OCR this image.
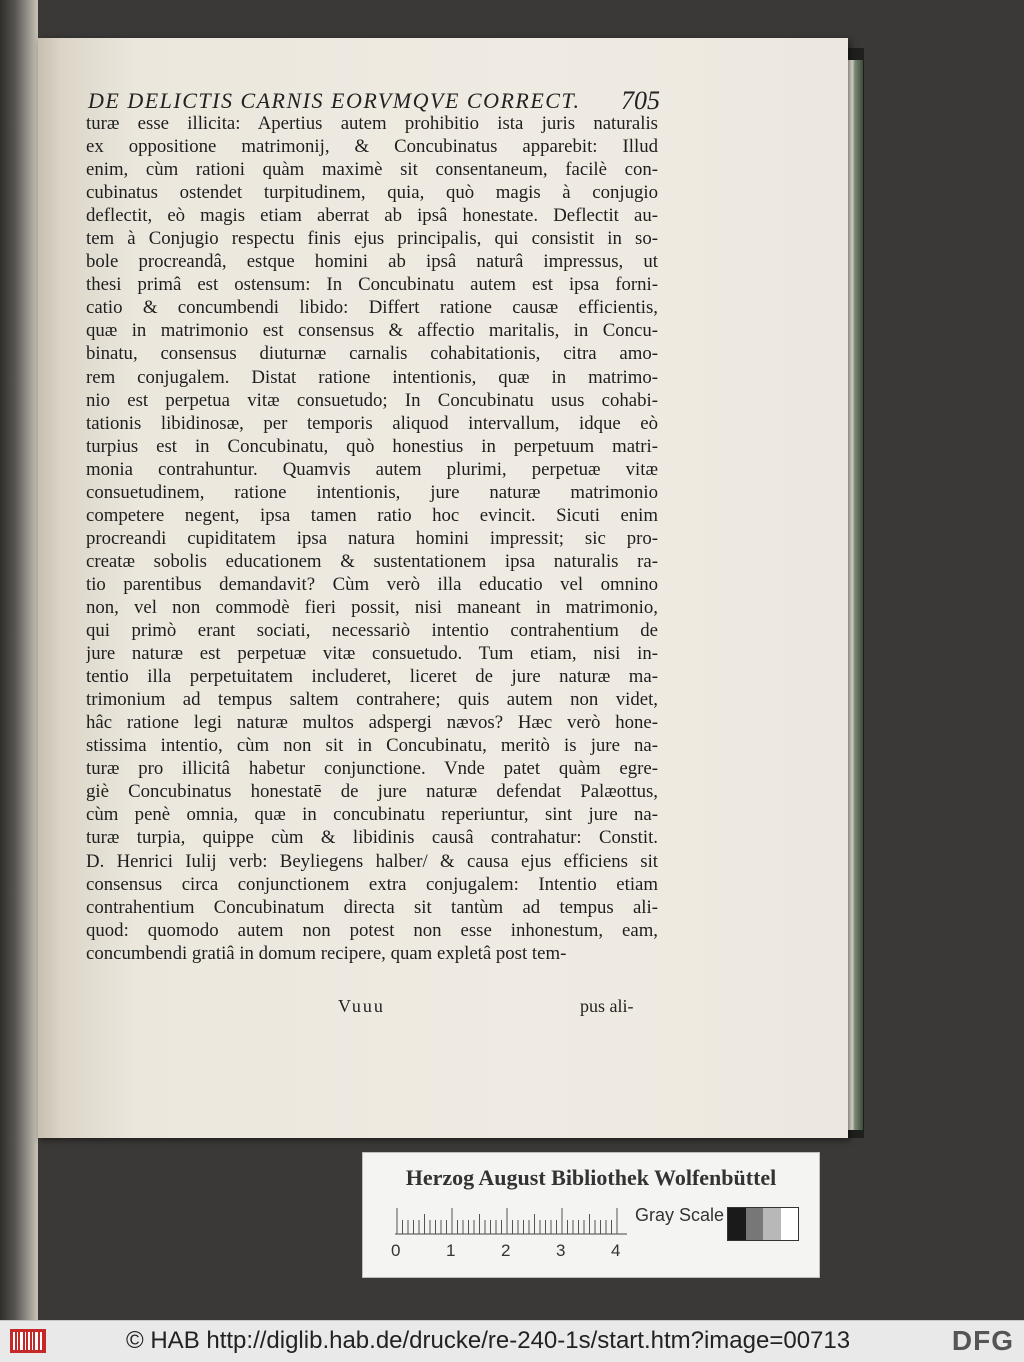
DE DELICTIS CARNIS EORVMQVE CORRECT. 705
turæ esse illicita: Apertius autem prohibitio ista juris naturalis
ex oppositione matrimonij, & Concubinatus apparebit: Illud
enim, cùm rationi quàm maximè sit consentaneum, facilè con-
cubinatus ostendet turpitudinem, quia, quò magis à conjugio
deflectit, eò magis etiam aberrat ab ipsâ honestate. Deflectit au-
tem à Conjugio respectu finis ejus principalis, qui consistit in so-
bole procreandâ, estque homini ab ipsâ naturâ impressus, ut
thesi primâ est ostensum: In Concubinatu autem est ipsa forni-
catio & concumbendi libido: Differt ratione causæ efficientis,
quæ in matrimonio est consensus & affectio maritalis, in Concu-
binatu, consensus diuturnæ carnalis cohabitationis, citra amo-
rem conjugalem. Distat ratione intentionis, quæ in matrimo-
nio est perpetua vitæ consuetudo; In Concubinatu usus cohabi-
tationis libidinosæ, per temporis aliquod intervallum, idque eò
turpius est in Concubinatu, quò honestius in perpetuum matri-
monia contrahuntur. Quamvis autem plurimi, perpetuæ vitæ
consuetudinem, ratione intentionis, jure naturæ matrimonio
competere negent, ipsa tamen ratio hoc evincit. Sicuti enim
procreandi cupiditatem ipsa natura homini impressit; sic pro-
creatæ sobolis educationem & sustentationem ipsa naturalis ra-
tio parentibus demandavit? Cùm verò illa educatio vel omnino
non, vel non commodè fieri possit, nisi maneant in matrimonio,
qui primò erant sociati, necessariò intentio contrahentium de
jure naturæ est perpetuæ vitæ consuetudo. Tum etiam, nisi in-
tentio illa perpetuitatem includeret, liceret de jure naturæ ma-
trimonium ad tempus saltem contrahere; quis autem non videt,
hâc ratione legi naturæ multos adspergi nævos? Hæc verò hone-
stissima intentio, cùm non sit in Concubinatu, meritò is jure na-
turæ pro illicitâ habetur conjunctione. Vnde patet quàm egre-
giè Concubinatus honestatē de jure naturæ defendat Palæottus,
cùm penè omnia, quæ in concubinatu reperiuntur, sint jure na-
turæ turpia, quippe cùm & libidinis causâ contrahatur: Constit.
D. Henrici Iulij verb: Beyliegens halber/ & causa ejus efficiens sit
consensus circa conjunctionem extra conjugalem: Intentio etiam
contrahentium Concubinatum directa sit tantùm ad tempus ali-
quod: quomodo autem non potest non esse inhonestum, eam,
concumbendi gratiâ in domum recipere, quam expletâ post tem-
Vuuu	pus ali-
Herzog August Bibliothek Wolfenbüttel
0	1	2	3	4
Gray Scale
© HAB http://diglib.hab.de/drucke/re-240-1s/start.htm?image=00713	DFG
